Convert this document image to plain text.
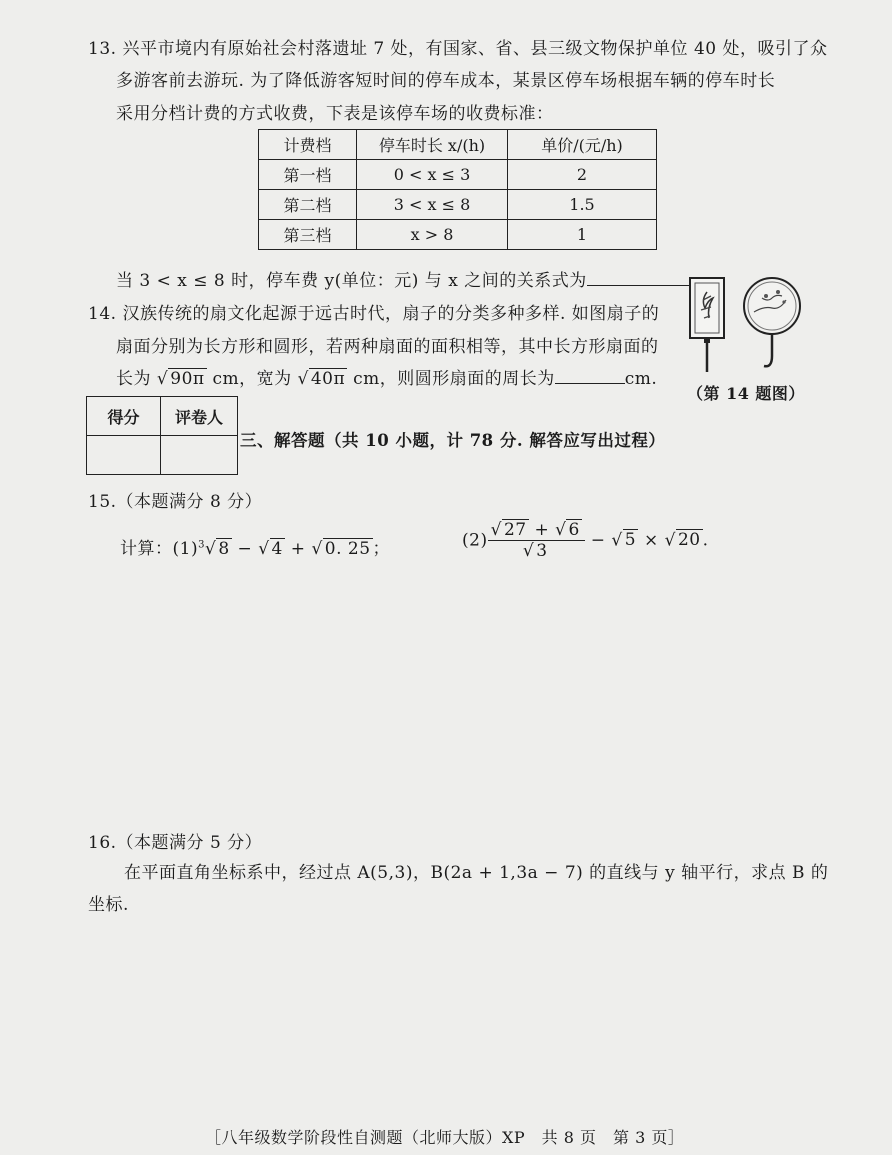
13. 兴平市境内有原始社会村落遗址 7 处，有国家、省、县三级文物保护单位 40 处，吸引了众
多游客前去游玩. 为了降低游客短时间的停车成本，某景区停车场根据车辆的停车时长
采用分档计费的方式收费，下表是该停车场的收费标准：
计费档	停车时长 x/(h)	单价/(元/h)
第一档	0 < x ≤ 3	2
第二档	3 < x ≤ 8	1.5
第三档	x > 8	1
当 3 < x ≤ 8 时，停车费 y(单位：元) 与 x 之间的关系式为
14. 汉族传统的扇文化起源于远古时代，扇子的分类多种多样. 如图扇子的
扇面分别为长方形和圆形，若两种扇面的面积相等，其中长方形扇面的
长为 √ 90π cm，宽为 √ 40π cm，则圆形扇面的周长为	cm.
（第 14 题图）
得分	评卷人

三、解答题（共 10 小题，计 78 分. 解答应写出过程）
15.（本题满分 8 分）
计算：$(1)^3√$ 8 − √ 4 + √ 0. 25 ；	$(2) \frac{√ 27 + √ 6}{√ 3}$ − √ 5 × √ 20 .
16.（本题满分 5 分）
在平面直角坐标系中，经过点 A(5,3)，B(2a + 1,3a − 7) 的直线与 y 轴平行，求点 B 的
坐标.
［八年级数学阶段性自测题（北师大版）XP　共 8 页　第 3 页］
